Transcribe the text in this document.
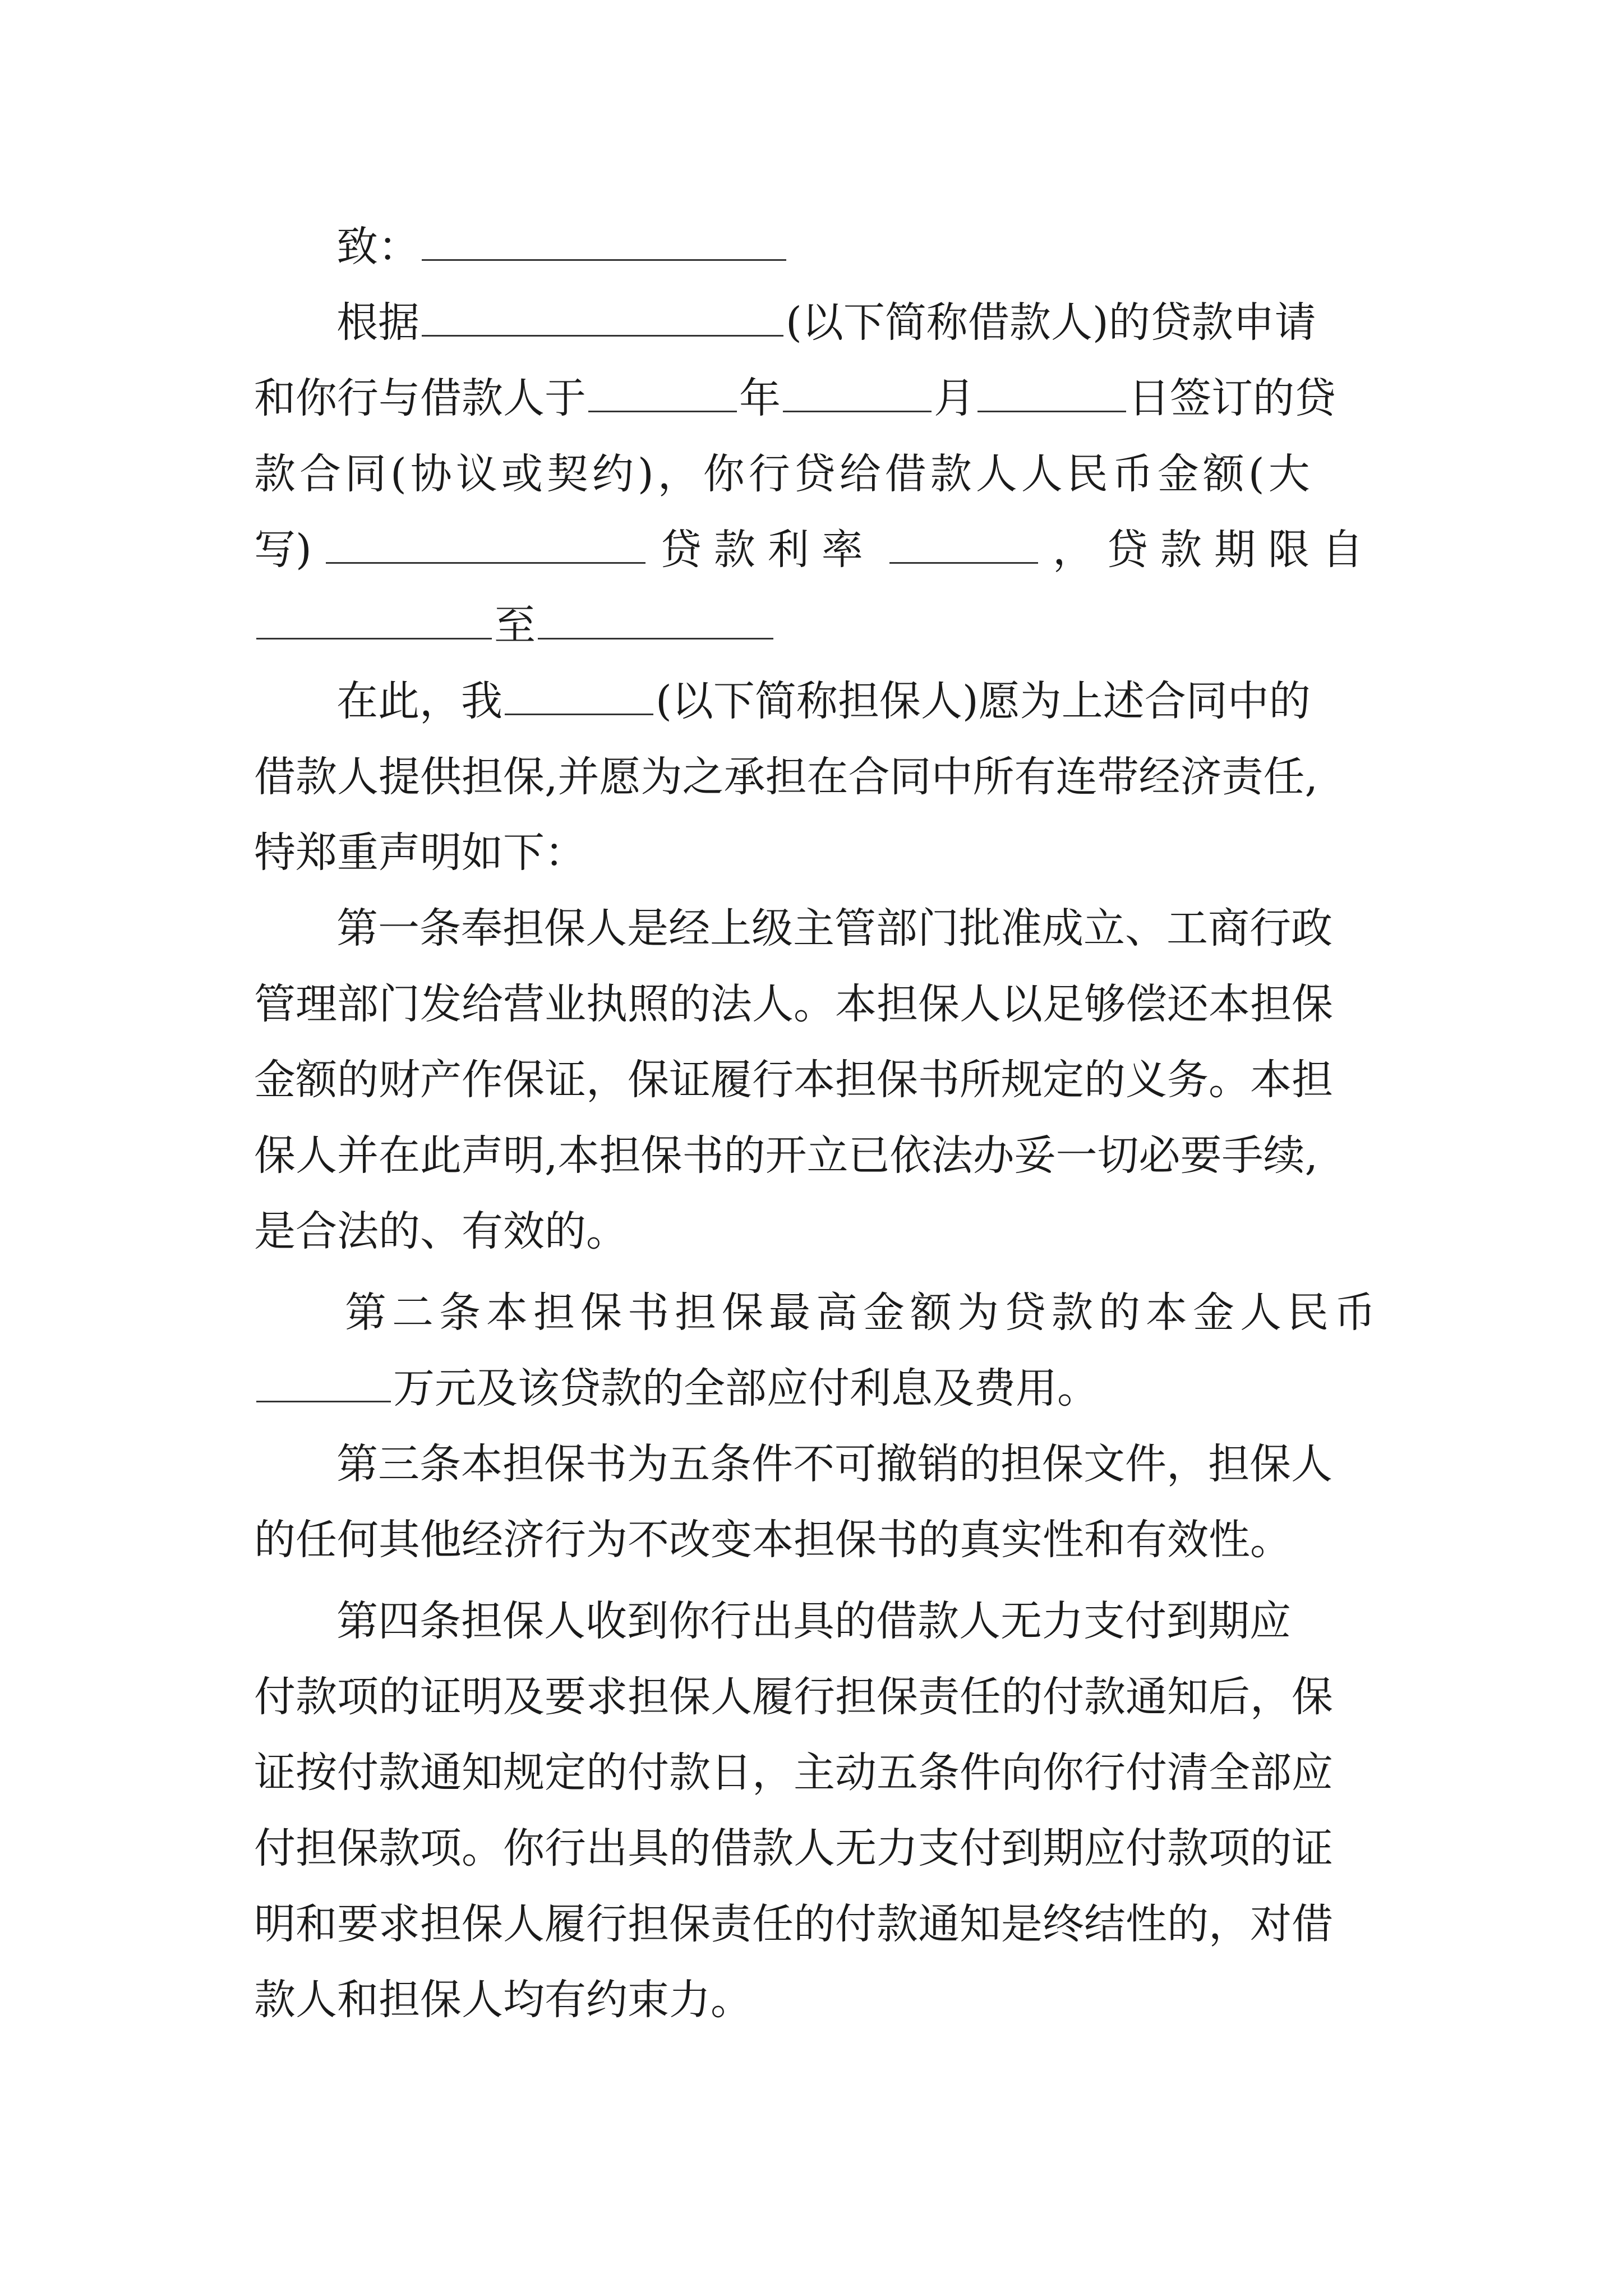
致：
根据	(以下简称借款人)的贷款申请
和你行与借款人于	年	月	日签订的贷
款合同(协议或契约)，你行贷给借款人人民币金额(大
写)	贷款利率	，贷款期限自
至
在此，我	(以下简称担保人)愿为上述合同中的
借款人提供担保,并愿为之承担在合同中所有连带经济责任,
特郑重声明如下：
第一条奉担保人是经上级主管部门批准成立、工商行政
管理部门发给营业执照的法人。本担保人以足够偿还本担保
金额的财产作保证，保证履行本担保书所规定的义务。本担
保人并在此声明,本担保书的开立已依法办妥一切必要手续,
是合法的、有效的。
第二条本担保书担保最高金额为贷款的本金人民币
万元及该贷款的全部应付利息及费用。
第三条本担保书为五条件不可撤销的担保文件，担保人
的任何其他经济行为不改变本担保书的真实性和有效性。
第四条担保人收到你行出具的借款人无力支付到期应
付款项的证明及要求担保人履行担保责任的付款通知后，保
证按付款通知规定的付款日，主动五条件向你行付清全部应
付担保款项。你行出具的借款人无力支付到期应付款项的证
明和要求担保人履行担保责任的付款通知是终结性的，对借
款人和担保人均有约束力。
